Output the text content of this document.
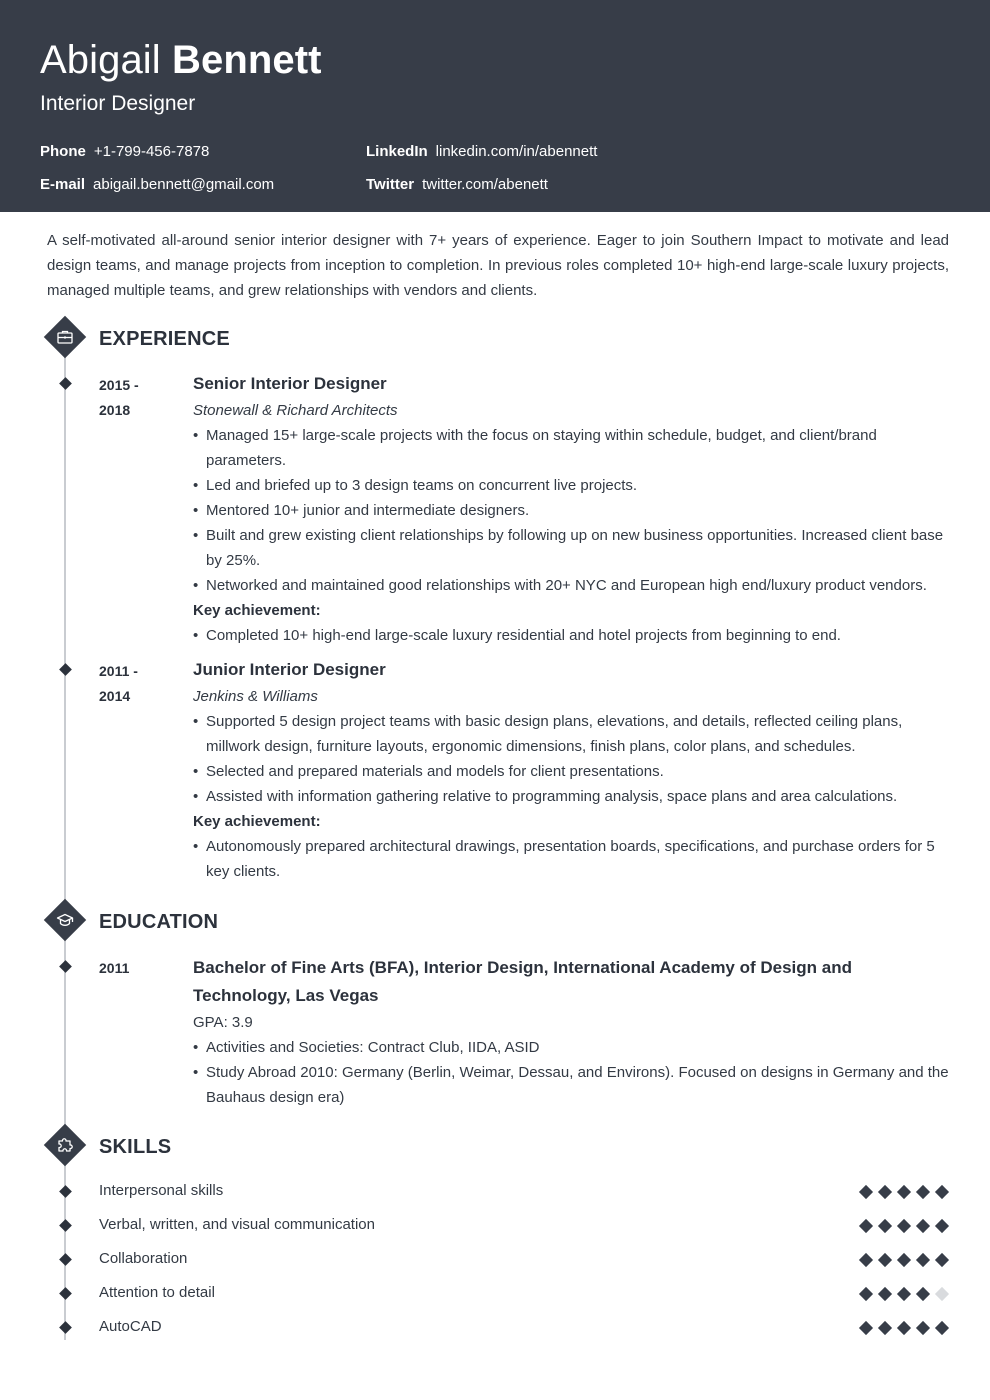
Abigail Bennett
Interior Designer
Phone +1-799-456-7878
E-mail abigail.bennett@gmail.com
LinkedIn linkedin.com/in/abennett
Twitter twitter.com/abenett

A self-motivated all-around senior interior designer with 7+ years of experience. Eager to join Southern Impact to motivate and lead design teams, and manage projects from inception to completion. In previous roles completed 10+ high-end large-scale luxury projects, managed multiple teams, and grew relationships with vendors and clients.

EXPERIENCE
2015 -
2018
Senior Interior Designer
Stonewall & Richard Architects
• Managed 15+ large-scale projects with the focus on staying within schedule, budget, and client/brand parameters.
• Led and briefed up to 3 design teams on concurrent live projects.
• Mentored 10+ junior and intermediate designers.
• Built and grew existing client relationships by following up on new business opportunities. Increased client base by 25%.
• Networked and maintained good relationships with 20+ NYC and European high end/luxury product vendors.
Key achievement:
• Completed 10+ high-end large-scale luxury residential and hotel projects from beginning to end.
2011 -
2014
Junior Interior Designer
Jenkins & Williams
• Supported 5 design project teams with basic design plans, elevations, and details, reflected ceiling plans, millwork design, furniture layouts, ergonomic dimensions, finish plans, color plans, and schedules.
• Selected and prepared materials and models for client presentations.
• Assisted with information gathering relative to programming analysis, space plans and area calculations.
Key achievement:
• Autonomously prepared architectural drawings, presentation boards, specifications, and purchase orders for 5 key clients.
EDUCATION
2011	Bachelor of Fine Arts (BFA), Interior Design, International Academy of Design and Technology, Las Vegas
GPA: 3.9
• Activities and Societies: Contract Club, IIDA, ASID
• Study Abroad 2010: Germany (Berlin, Weimar, Dessau, and Environs). Focused on designs in Germany and the Bauhaus design era)
SKILLS
Interpersonal skills
Verbal, written, and visual communication
Collaboration
Attention to detail
AutoCAD
